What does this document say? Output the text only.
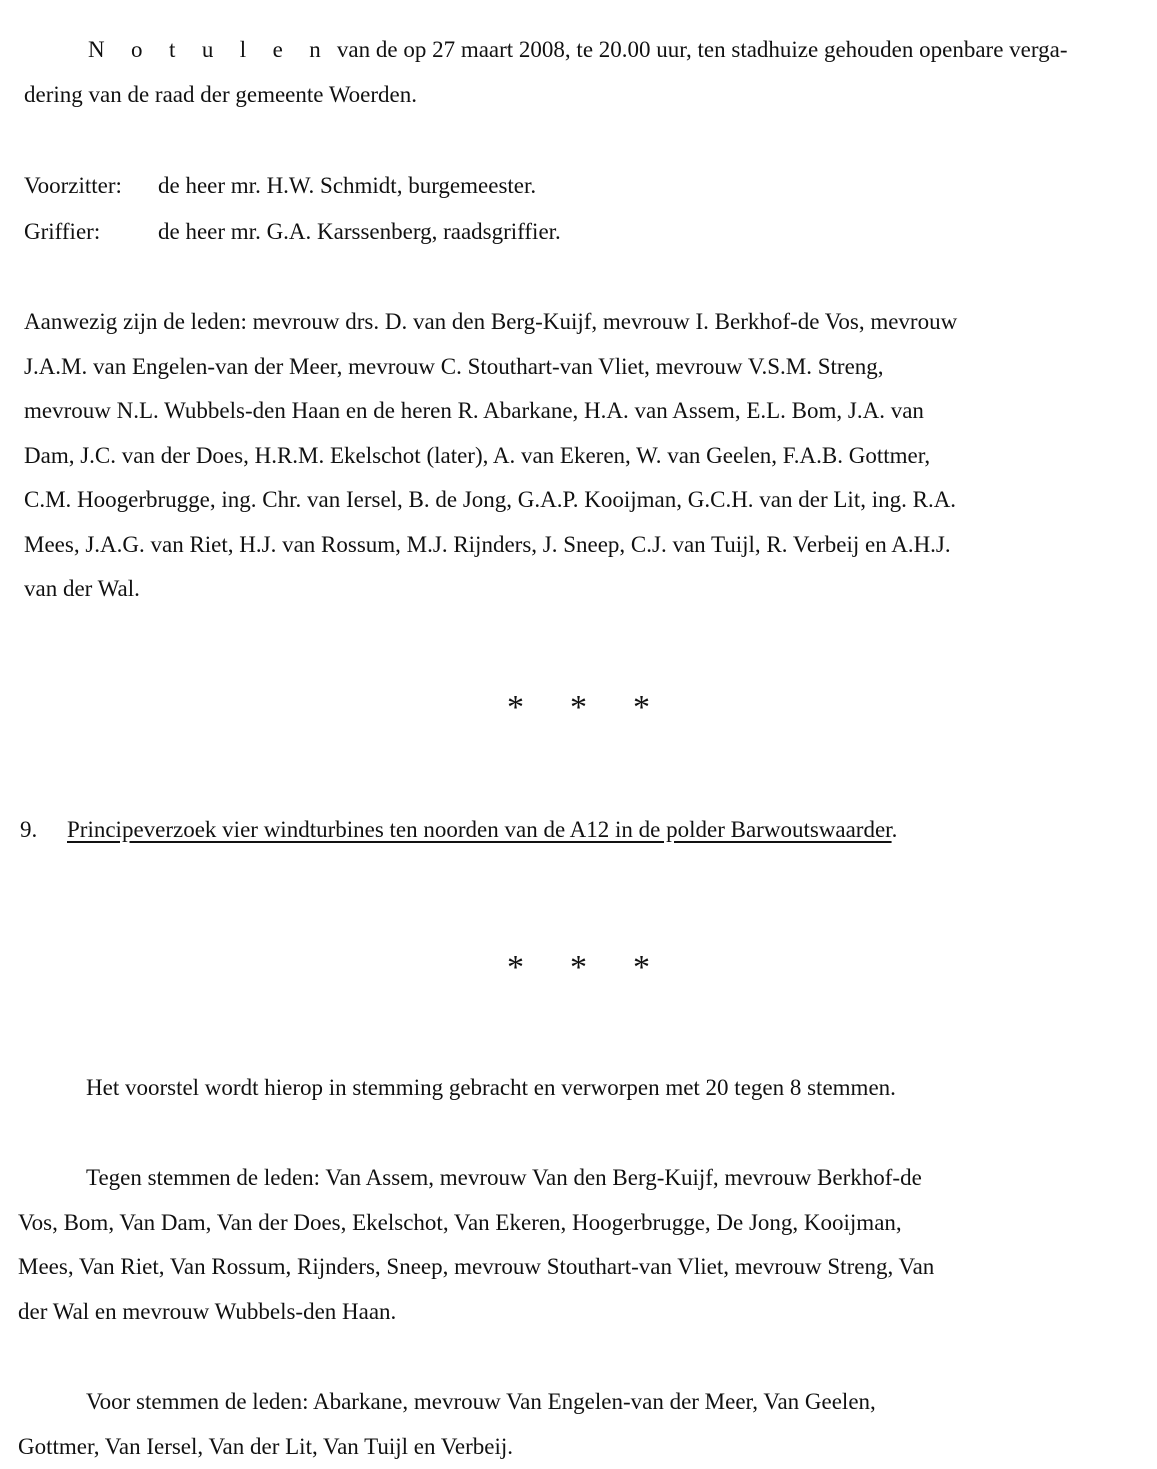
N o t u l e n van de op 27 maart 2008, te 20.00 uur, ten stadhuize gehouden openbare verga-
dering van de raad der gemeente Woerden.
Voorzitter: de heer mr. H.W. Schmidt, burgemeester.
Griffier:	de heer mr. G.A. Karssenberg, raadsgriffier.
Aanwezig zijn de leden: mevrouw drs. D. van den Berg-Kuijf, mevrouw I. Berkhof-de Vos, mevrouw
J.A.M. van Engelen-van der Meer, mevrouw C. Stouthart-van Vliet, mevrouw V.S.M. Streng,
mevrouw N.L. Wubbels-den Haan en de heren R. Abarkane, H.A. van Assem, E.L. Bom, J.A. van
Dam, J.C. van der Does, H.R.M. Ekelschot (later), A. van Ekeren, W. van Geelen, F.A.B. Gottmer,
C.M. Hoogerbrugge, ing. Chr. van Iersel, B. de Jong, G.A.P. Kooijman, G.C.H. van der Lit, ing. R.A.
Mees, J.A.G. van Riet, H.J. van Rossum, M.J. Rijnders, J. Sneep, C.J. van Tuijl, R. Verbeij en A.H.J.
van der Wal.
* * *
9. Principeverzoek vier windturbines ten noorden van de A12 in de polder Barwoutswaarder.
* * *
Het voorstel wordt hierop in stemming gebracht en verworpen met 20 tegen 8 stemmen.
Tegen stemmen de leden: Van Assem, mevrouw Van den Berg-Kuijf, mevrouw Berkhof-de
Vos, Bom, Van Dam, Van der Does, Ekelschot, Van Ekeren, Hoogerbrugge, De Jong, Kooijman,
Mees, Van Riet, Van Rossum, Rijnders, Sneep, mevrouw Stouthart-van Vliet, mevrouw Streng, Van
der Wal en mevrouw Wubbels-den Haan.
Voor stemmen de leden: Abarkane, mevrouw Van Engelen-van der Meer, Van Geelen,
Gottmer, Van Iersel, Van der Lit, Van Tuijl en Verbeij.
